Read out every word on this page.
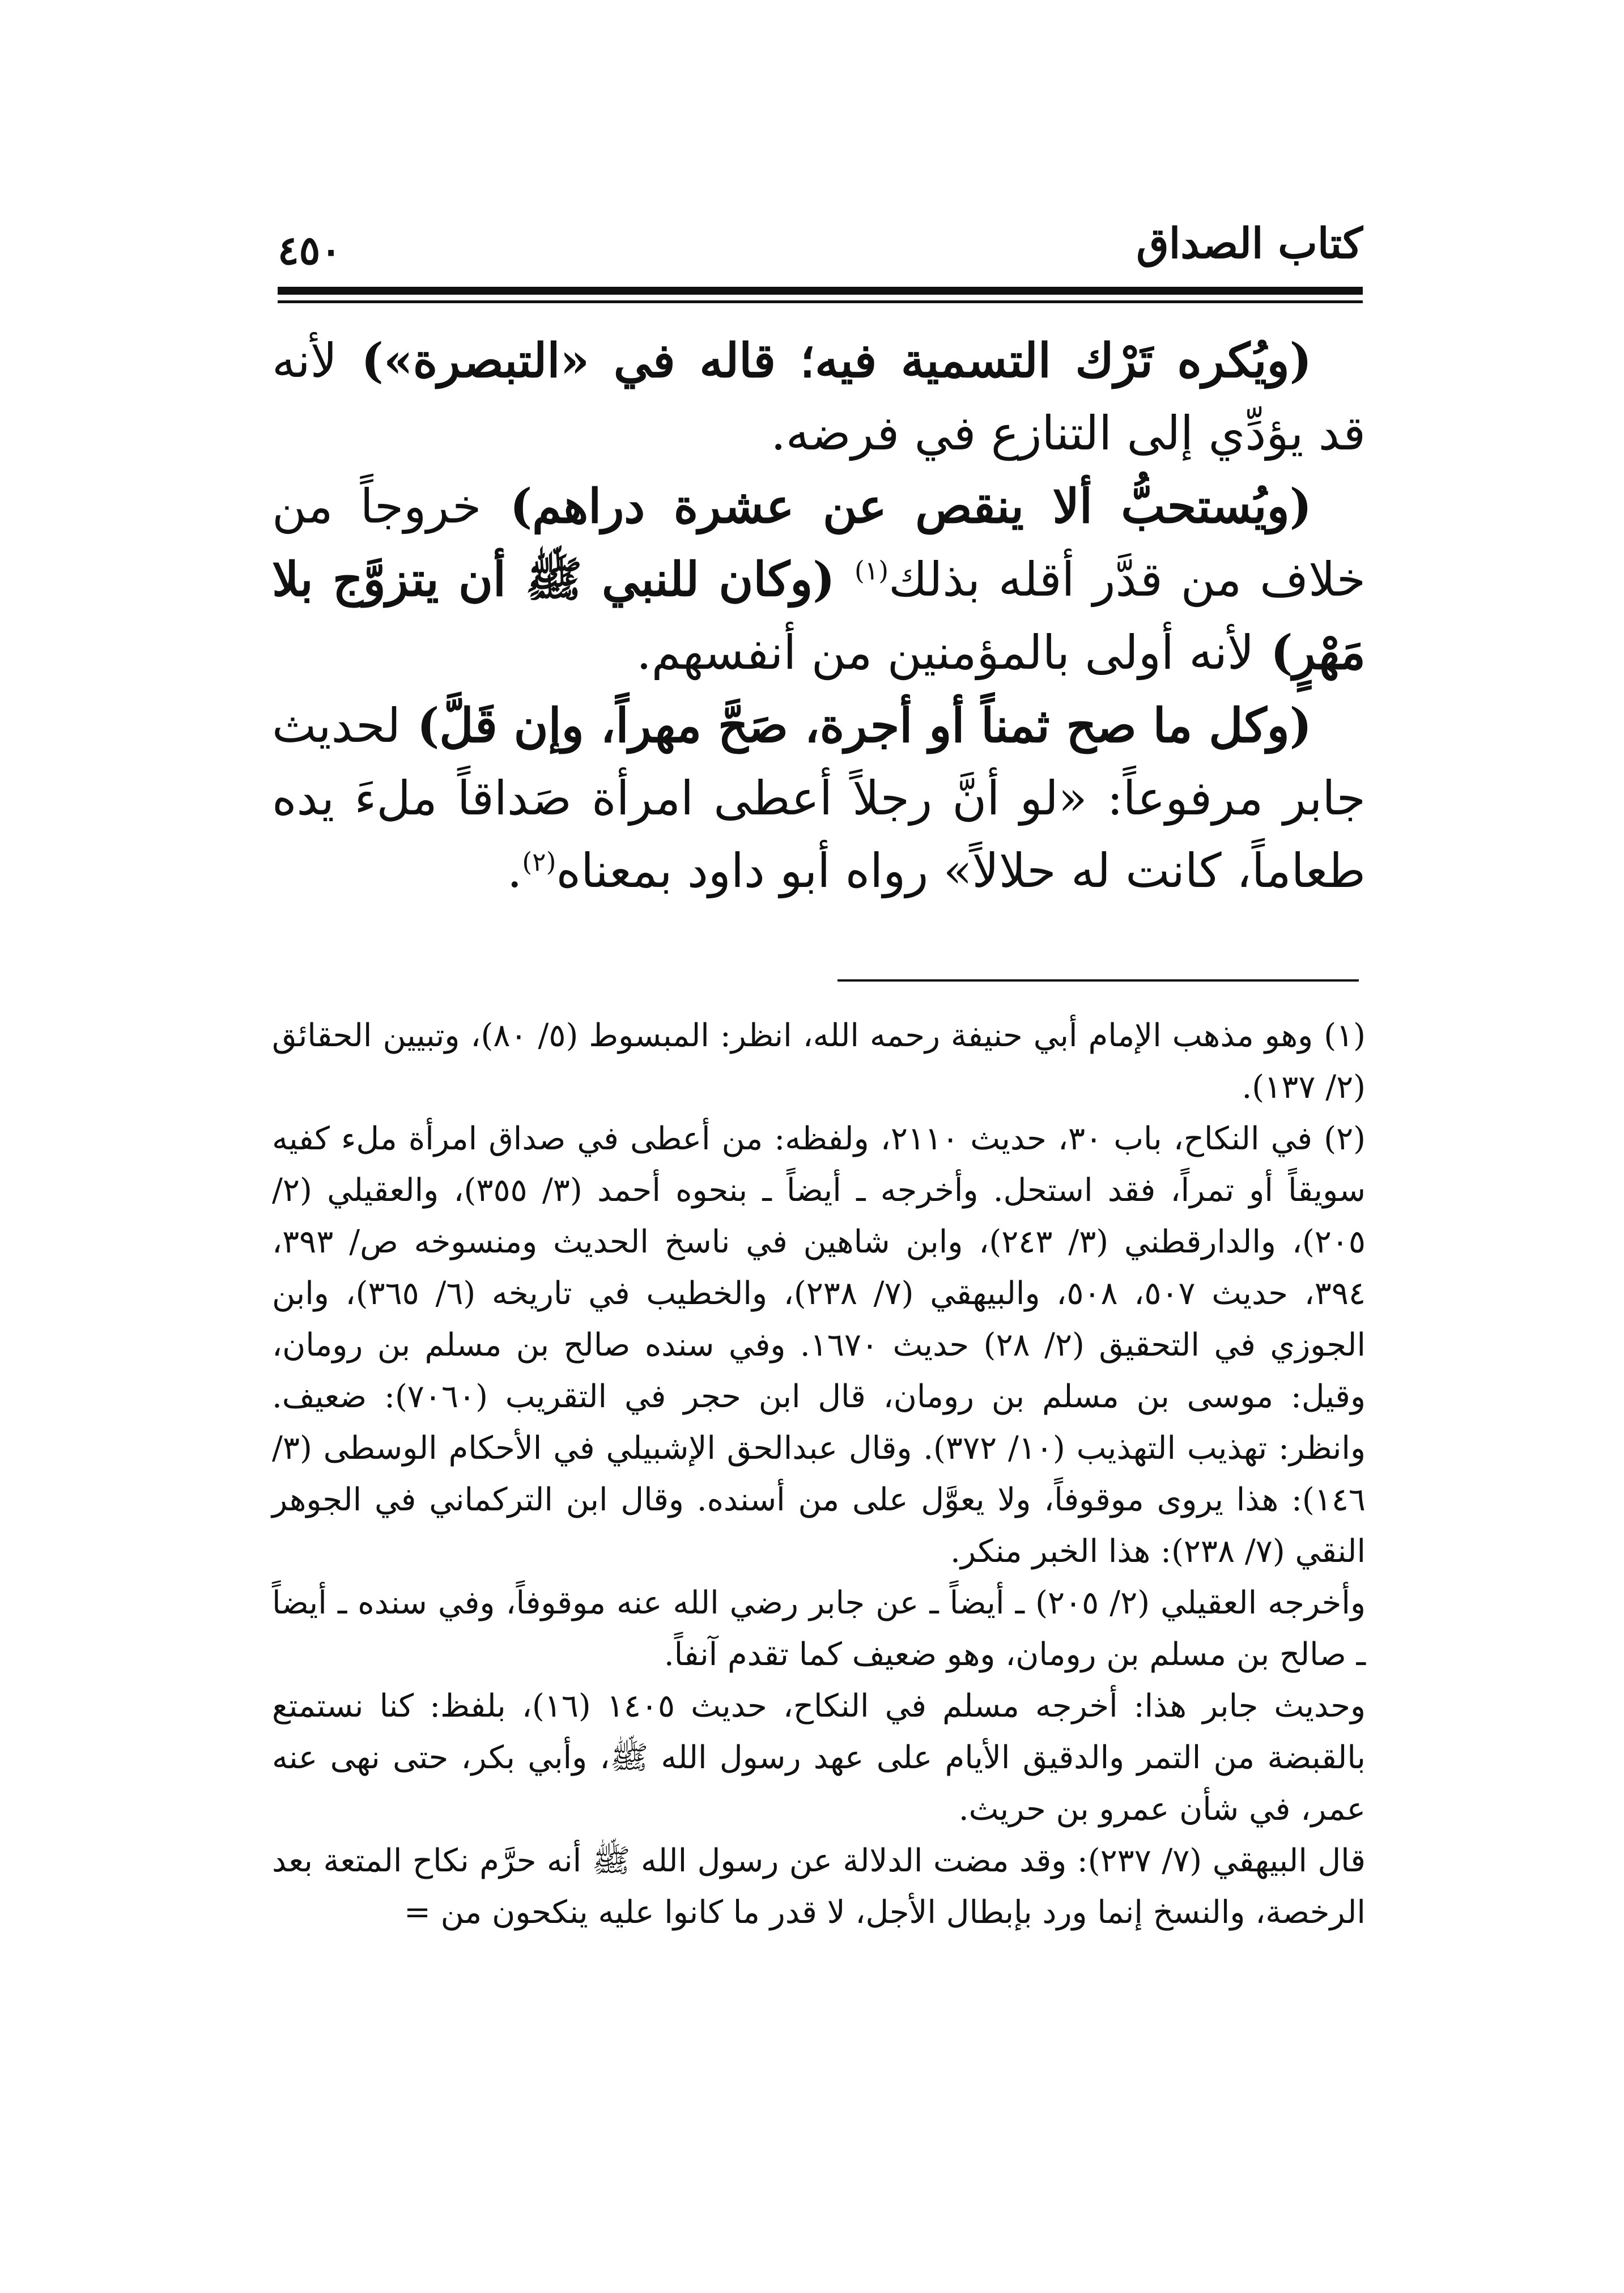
كتاب الصداق
٤٥٠

(ويُكره تَرْك التسمية فيه؛ قاله في «التبصرة») لأنه قد يؤدِّي إلى التنازع في فرضه.

(ويُستحبُّ ألا ينقص عن عشرة دراهم) خروجاً من خلاف من قدَّر أقله بذلك$^{(١)}$ (وكان للنبي ﷺ أن يتزوَّج بلا مَهْرٍ) لأنه أولى بالمؤمنين من أنفسهم.

(وكل ما صح ثمناً أو أجرة، صَحَّ مهراً، وإن قَلَّ) لحديث جابر مرفوعاً: «لو أنَّ رجلاً أعطى امرأة صَداقاً ملءَ يده طعاماً، كانت له حلالاً» رواه أبو داود بمعناه$^{(٢)}$.

(١) وهو مذهب الإمام أبي حنيفة رحمه الله، انظر: المبسوط (٥/ ٨٠)، وتبيين الحقائق (٢/ ١٣٧).

(٢) في النكاح، باب ٣٠، حديث ٢١١٠، ولفظه: من أعطى في صداق امرأة ملء كفيه سويقاً أو تمراً، فقد استحل. وأخرجه ـ أيضاً ـ بنحوه أحمد (٣/ ٣٥٥)، والعقيلي (٢/ ٢٠٥)، والدارقطني (٣/ ٢٤٣)، وابن شاهين في ناسخ الحديث ومنسوخه ص/ ٣٩٣، ٣٩٤، حديث ٥٠٧، ٥٠٨، والبيهقي (٧/ ٢٣٨)، والخطيب في تاريخه (٦/ ٣٦٥)، وابن الجوزي في التحقيق (٢/ ٢٨) حديث ١٦٧٠. وفي سنده صالح بن مسلم بن رومان، وقيل: موسى بن مسلم بن رومان، قال ابن حجر في التقريب (٧٠٦٠): ضعيف. وانظر: تهذيب التهذيب (١٠/ ٣٧٢). وقال عبدالحق الإشبيلي في الأحكام الوسطى (٣/ ١٤٦): هذا يروى موقوفاً، ولا يعوَّل على من أسنده. وقال ابن التركماني في الجوهر النقي (٧/ ٢٣٨): هذا الخبر منكر.

وأخرجه العقيلي (٢/ ٢٠٥) ـ أيضاً ـ عن جابر رضي الله عنه موقوفاً، وفي سنده ـ أيضاً ـ صالح بن مسلم بن رومان، وهو ضعيف كما تقدم آنفاً.

وحديث جابر هذا: أخرجه مسلم في النكاح، حديث ١٤٠٥ (١٦)، بلفظ: كنا نستمتع بالقبضة من التمر والدقيق الأيام على عهد رسول الله ﷺ، وأبي بكر، حتى نهى عنه عمر، في شأن عمرو بن حريث.

قال البيهقي (٧/ ٢٣٧): وقد مضت الدلالة عن رسول الله ﷺ أنه حرَّم نكاح المتعة بعد الرخصة، والنسخ إنما ورد بإبطال الأجل، لا قدر ما كانوا عليه ينكحون من =
